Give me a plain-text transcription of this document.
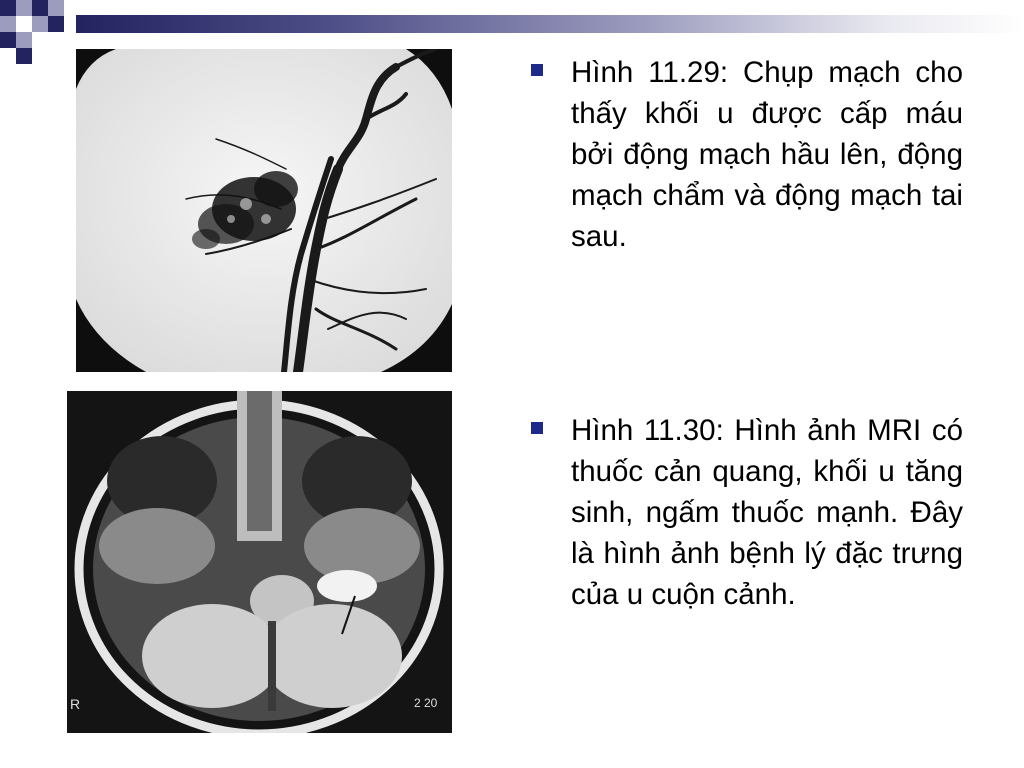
R	2 20
Hình 11.29: Chụp mạch cho thấy khối u được cấp máu bởi động mạch hầu lên, động mạch chẩm và động mạch tai sau.
Hình 11.30: Hình ảnh MRI có thuốc cản quang, khối u tăng sinh, ngấm thuốc mạnh. Đây là hình ảnh bệnh lý đặc trưng của u cuộn cảnh.
